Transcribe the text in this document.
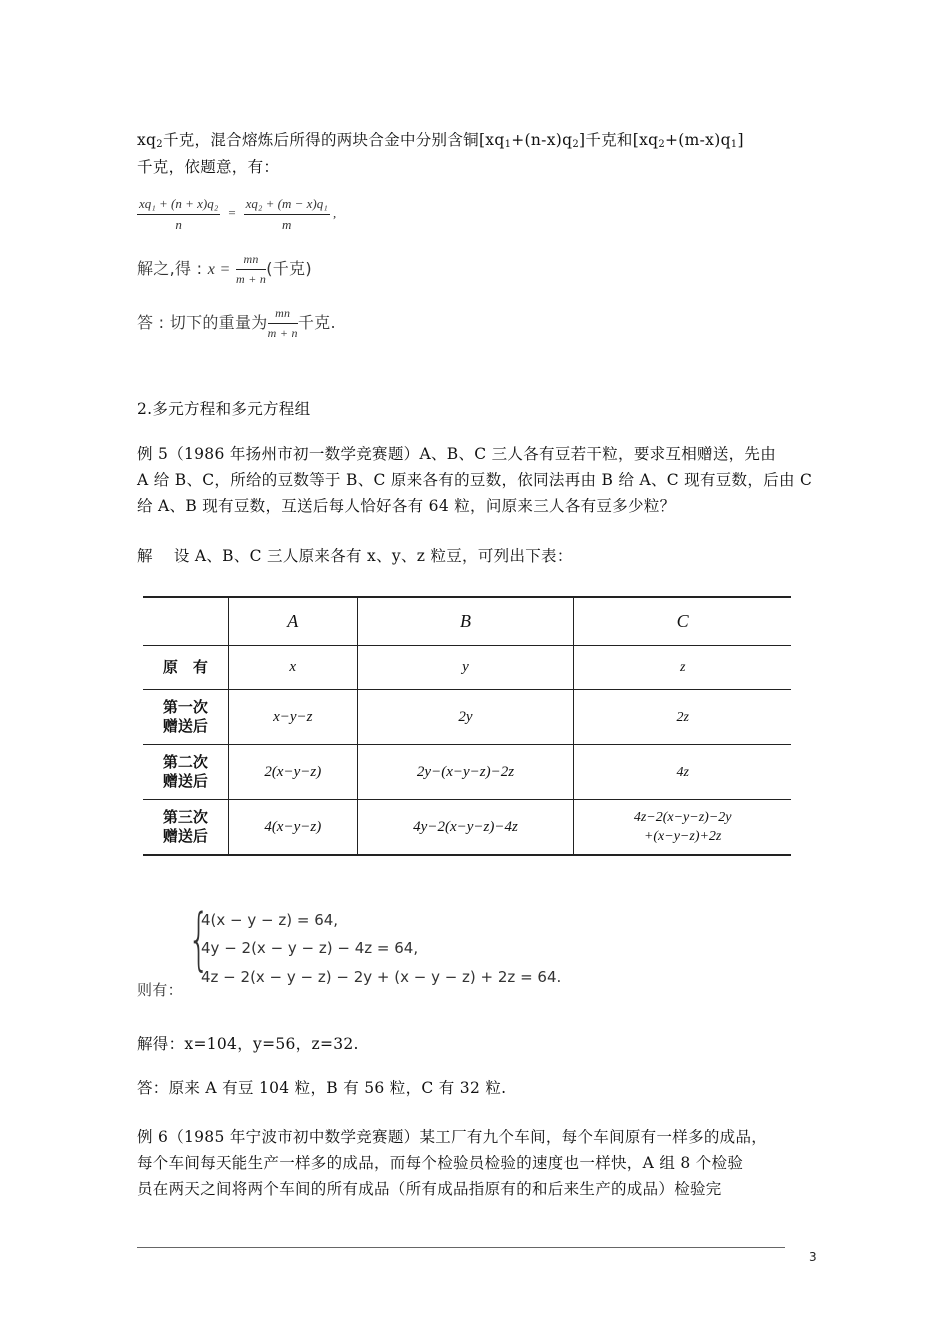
$xq_2$千克，混合熔炼后所得的两块合金中分别含铜$[xq_1+(n-x)q_2]$千克和$[xq_2+(m-x)q_1]$
千克，依题意，有：
$\frac{\text{xq₁ + (n + x)q₂}}{n} = \frac{\text{xq₂ + (m − x)q₁}}{m}$ ,
解之,得 : $x = \frac{mn}{m + n}$ (千克)
答 : 切下的重量为 $\frac{mn}{m + n}$ 千克.
2.多元方程和多元方程组
例 5（1986 年扬州市初一数学竞赛题）A、B、C 三人各有豆若干粒，要求互相赠送，先由
A 给 B、C，所给的豆数等于 B、C 原来各有的豆数，依同法再由 B 给 A、C 现有豆数，后由 C
给 A、B 现有豆数，互送后每人恰好各有 64 粒，问原来三人各有豆多少粒？
解　 设 A、B、C 三人原来各有 x、y、z 粒豆，可列出下表：
	A	B	C
原　有	x	y	z
第一次
赠送后	x−y−z	2y	2z
第二次
赠送后	2(x−y−z)	2y−(x−y−z)−2z	4z
第三次
赠送后	4(x−y−z)	4y−2(x−y−z)−4z	4z−2(x−y−z)−2y
+(x−y−z)+2z
{
4(x − y − z) = 64,
4y − 2(x − y − z) − 4z = 64,
4z − 2(x − y − z) − 2y + (x − y − z) + 2z = 64.
则有：
解得：x=104，y=56，z=32.
答：原来 A 有豆 104 粒，B 有 56 粒，C 有 32 粒.
例 6（1985 年宁波市初中数学竞赛题）某工厂有九个车间，每个车间原有一样多的成品，
每个车间每天能生产一样多的成品，而每个检验员检验的速度也一样快，A 组 8 个检验
员在两天之间将两个车间的所有成品（所有成品指原有的和后来生产的成品）检验完
3
